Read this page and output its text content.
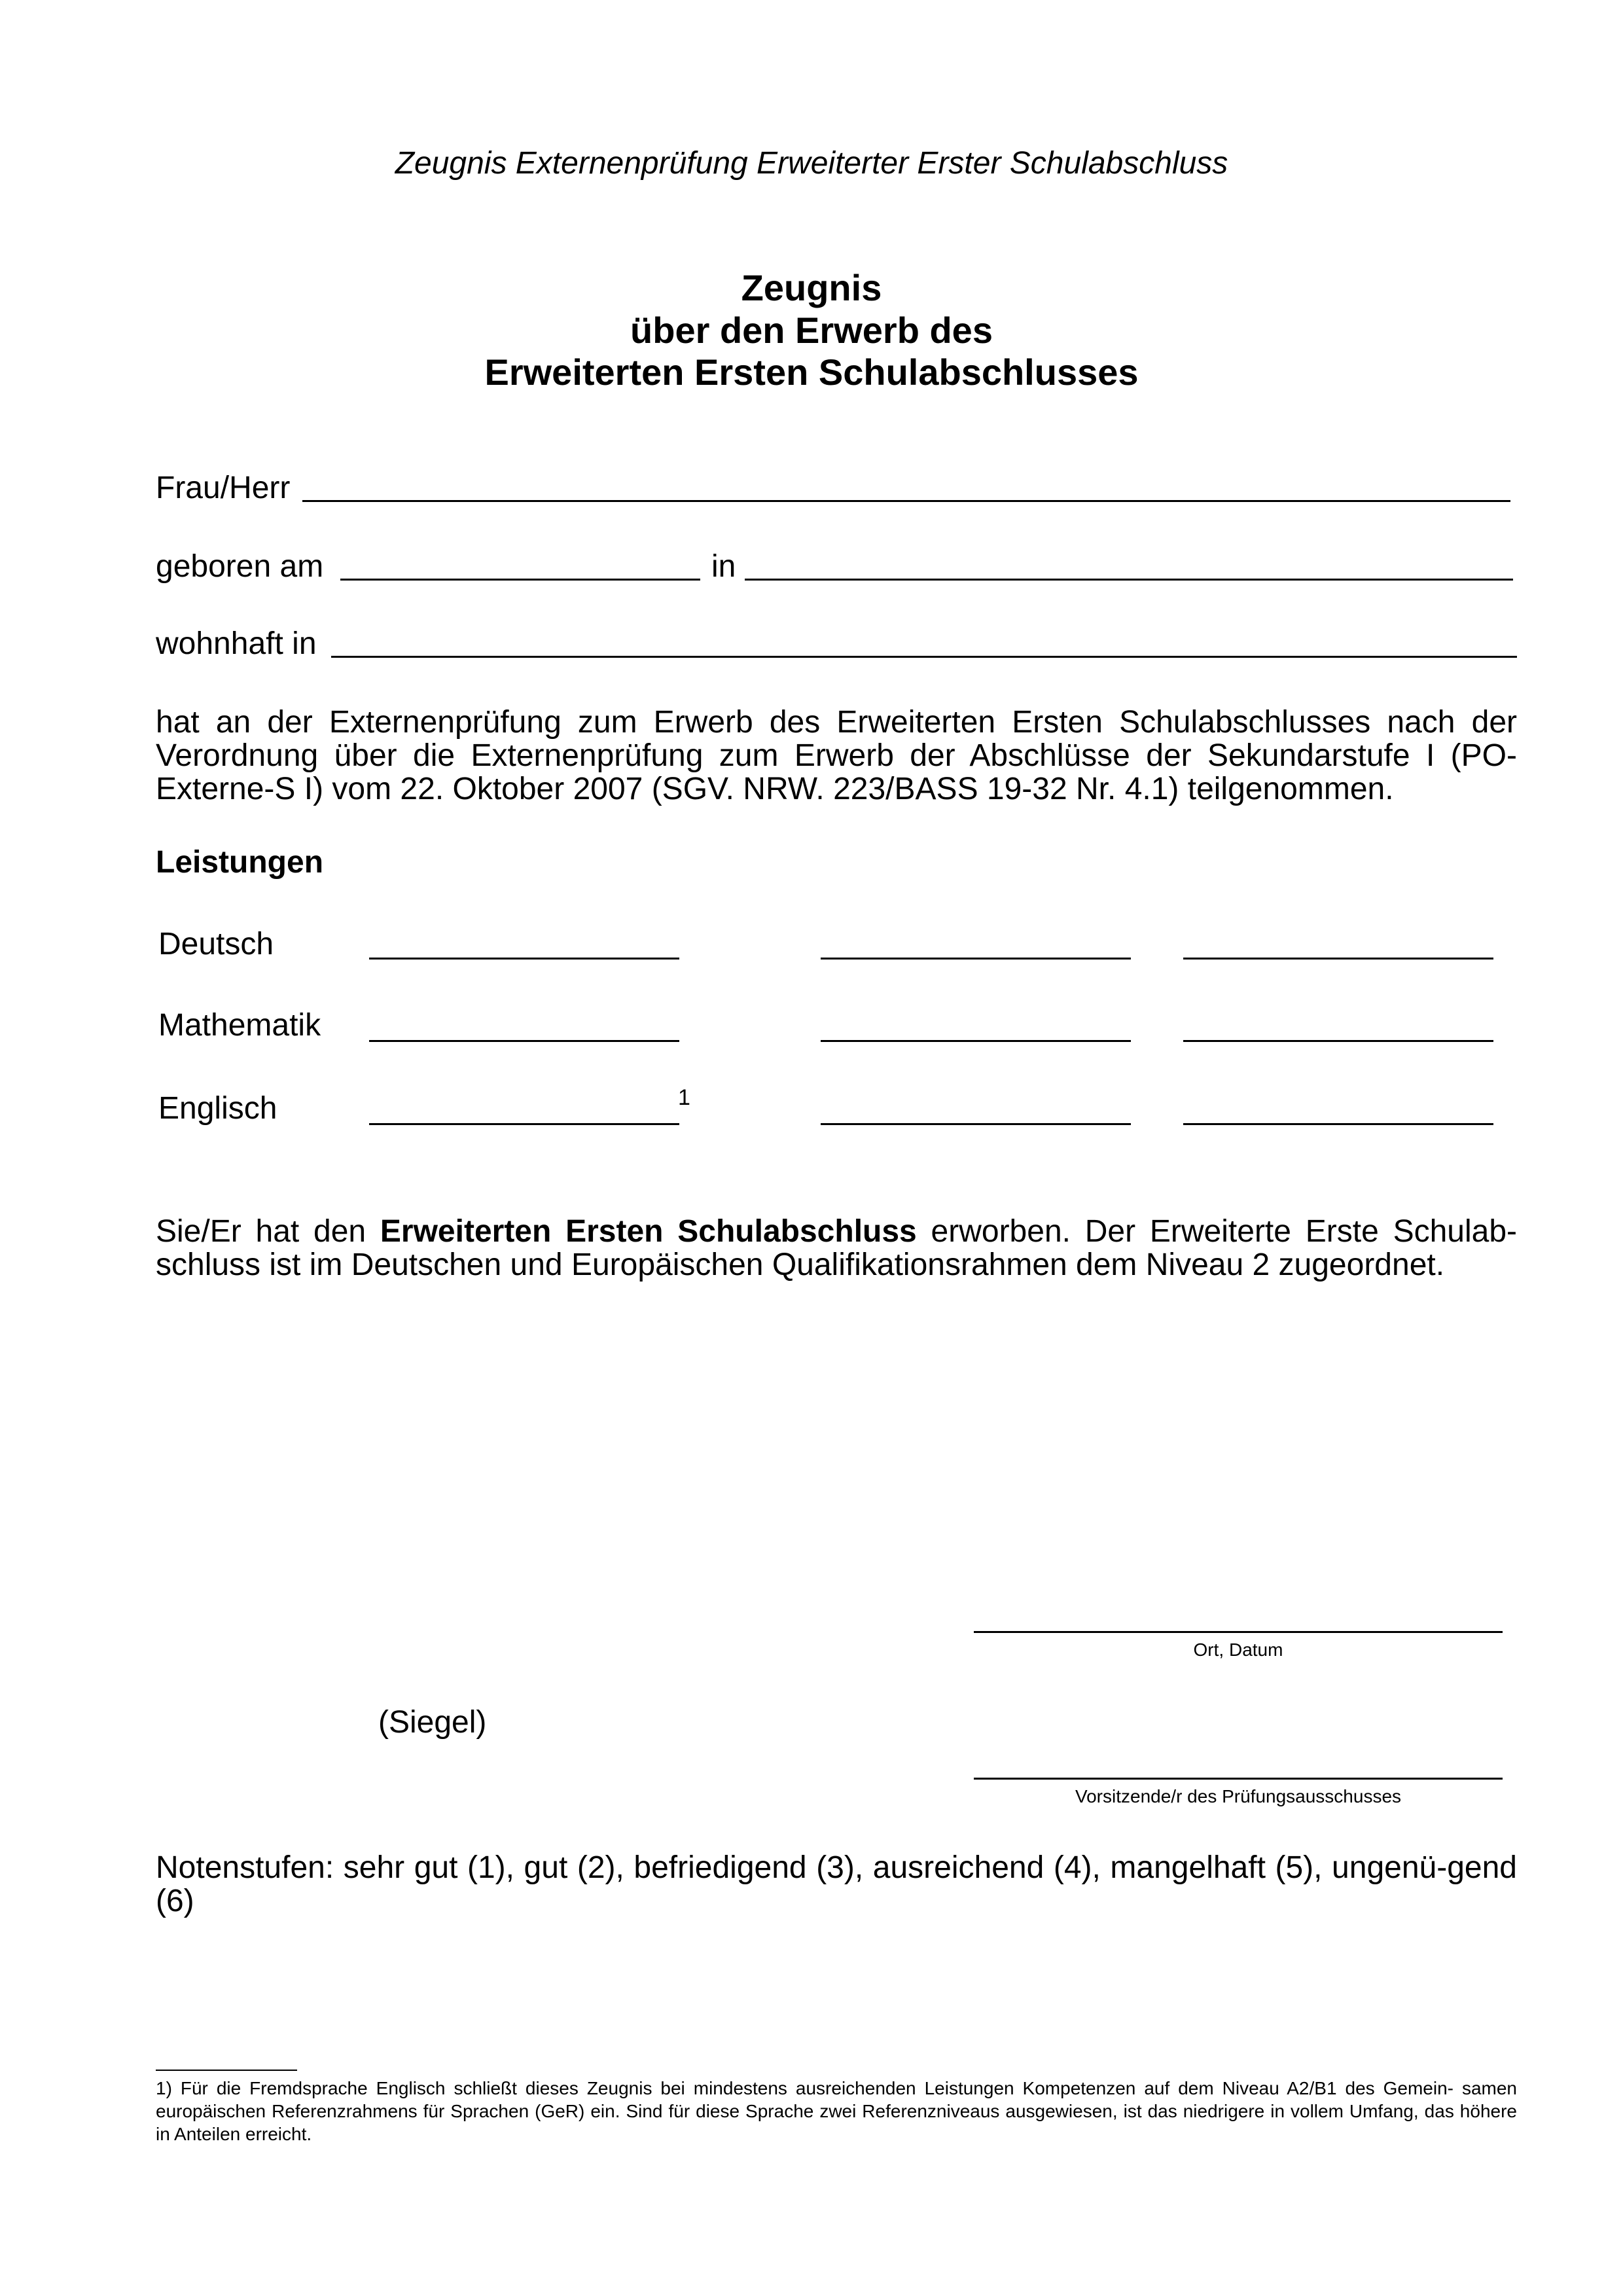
Zeugnis Externenprüfung Erweiterter Erster Schulabschluss
Zeugnis
über den Erwerb des
Erweiterten Ersten Schulabschlusses
Frau/Herr
geboren am	in
wohnhaft in
hat an der Externenprüfung zum Erwerb des Erweiterten Ersten Schulabschlusses nach der Verordnung über die Externenprüfung zum Erwerb der Abschlüsse der Sekundarstufe I (PO-Externe-S I) vom 22. Oktober 2007 (SGV. NRW. 223/BASS 19-32 Nr. 4.1) teilgenommen.
Leistungen
Deutsch
Mathematik
Englisch	1
Sie/Er hat den Erweiterten Ersten Schulabschluss erworben. Der Erweiterte Erste Schulab-schluss ist im Deutschen und Europäischen Qualifikationsrahmen dem Niveau 2 zugeordnet.
Ort, Datum
(Siegel)
Vorsitzende/r des Prüfungsausschusses
Notenstufen: sehr gut (1), gut (2), befriedigend (3), ausreichend (4), mangelhaft (5), ungenü-gend (6)
1) Für die Fremdsprache Englisch schließt dieses Zeugnis bei mindestens ausreichenden Leistungen Kompetenzen auf dem Niveau A2/B1 des Gemein- samen europäischen Referenzrahmens für Sprachen (GeR) ein. Sind für diese Sprache zwei Referenzniveaus ausgewiesen, ist das niedrigere in vollem Umfang, das höhere in Anteilen erreicht.
